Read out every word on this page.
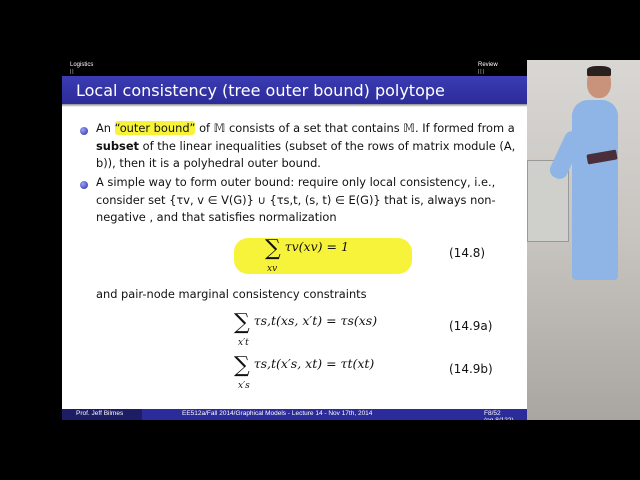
Logistics
||
Review
|||
Local consistency (tree outer bound) polytope
An “outer bound” of 𝕄 consists of a set that contains 𝕄. If formed from a subset of the linear inequalities (subset of the rows of matrix module (A, b)), then it is a polyhedral outer bound.
A simple way to form outer bound: require only local consistency, i.e., consider set {τv, v ∈ V(G)} ∪ {τs,t, (s, t) ∈ E(G)} that is, always non-negative , and that satisfies normalization
∑ τv(xv) = 1
xv
(14.8)
and pair-node marginal consistency constraints
∑ τs,t(xs, x′t) = τs(xs)
x′t
(14.9a)
∑ τs,t(x′s, xt) = τt(xt)
x′s
(14.9b)
Prof. Jeff Bilmes	EE512a/Fall 2014/Graphical Models - Lecture 14 - Nov 17th, 2014	F8/52
